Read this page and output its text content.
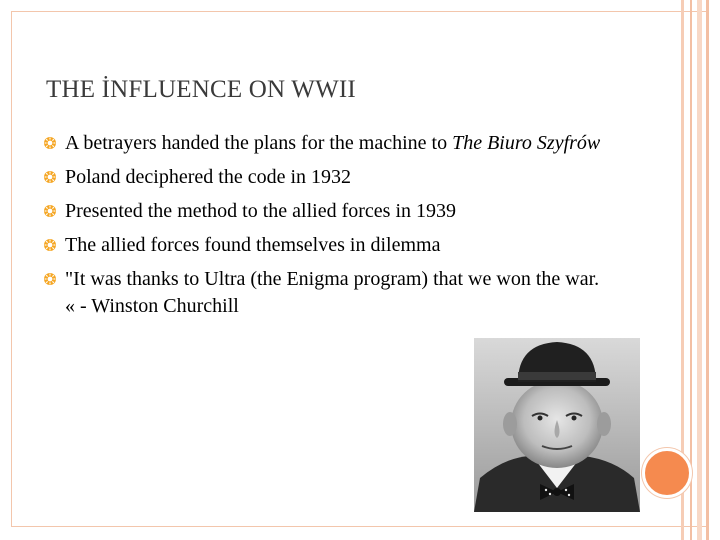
THE İNFLUENCE ON WWII
A betrayers handed the plans for the machine to The Biuro Szyfrów
Poland deciphered the code in 1932
Presented the method to the allied forces in 1939
The allied forces found themselves in dilemma
"It was thanks to Ultra (the Enigma program) that we won the war. « - Winston Churchill
